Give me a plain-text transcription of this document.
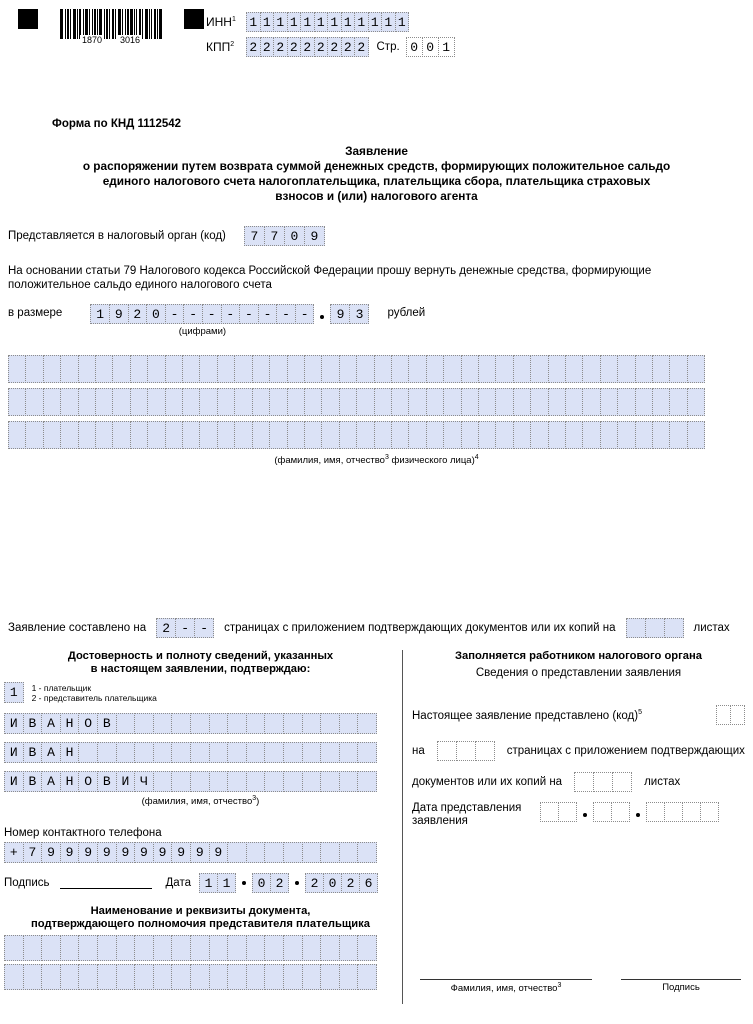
1870 3016
ИНН$^1$	1 1 1 1 1 1 1 1 1 1 1 1
КПП$^2$	2 2 2 2 2 2 2 2 2 Стр. 0 0 1
Форма по КНД 1112542
Заявление
о распоряжении путем возврата суммой денежных средств, формирующих положительное сальдо
единого налогового счета налогоплательщика, плательщика сбора, плательщика страховых
взносов и (или) налогового агента
Представляется в налоговый орган (код)	7 7 0 9

На основании статьи 79 Налогового кодекса Российской Федерации прошу вернуть денежные средства, формирующие положительное сальдо единого налогового счета

в размере	1 9 2 0 - - - - - - - -
(цифрами)
9 3	рублей
(фамилия, имя, отчество$^3$ физического лица)$^4$
Заявление составлено на	2 - -	страницах с приложением подтверждающих документов или их копий на	листах
Достоверность и полноту сведений, указанных
в настоящем заявлении, подтверждаю:
1	1 - плательщик
2 - представитель плательщика
И В А Н О В
И В А Н
И В А Н О В И Ч
(фамилия, имя, отчество$^3$)
Номер контактного телефона
+ 7 9 9 9 9 9 9 9 9 9 9
Подпись	Дата	1 1	0 2	2 0 2 6
Наименование и реквизиты документа,
подтверждающего полномочия представителя плательщика
Заполняется работником налогового органа
Сведения о представлении заявления
Настоящее заявление представлено (код)$^5$
на	страницах с приложением подтверждающих
документов или их копий на	листах
Дата представления
заявления
Фамилия, имя, отчество$^3$	Подпись
